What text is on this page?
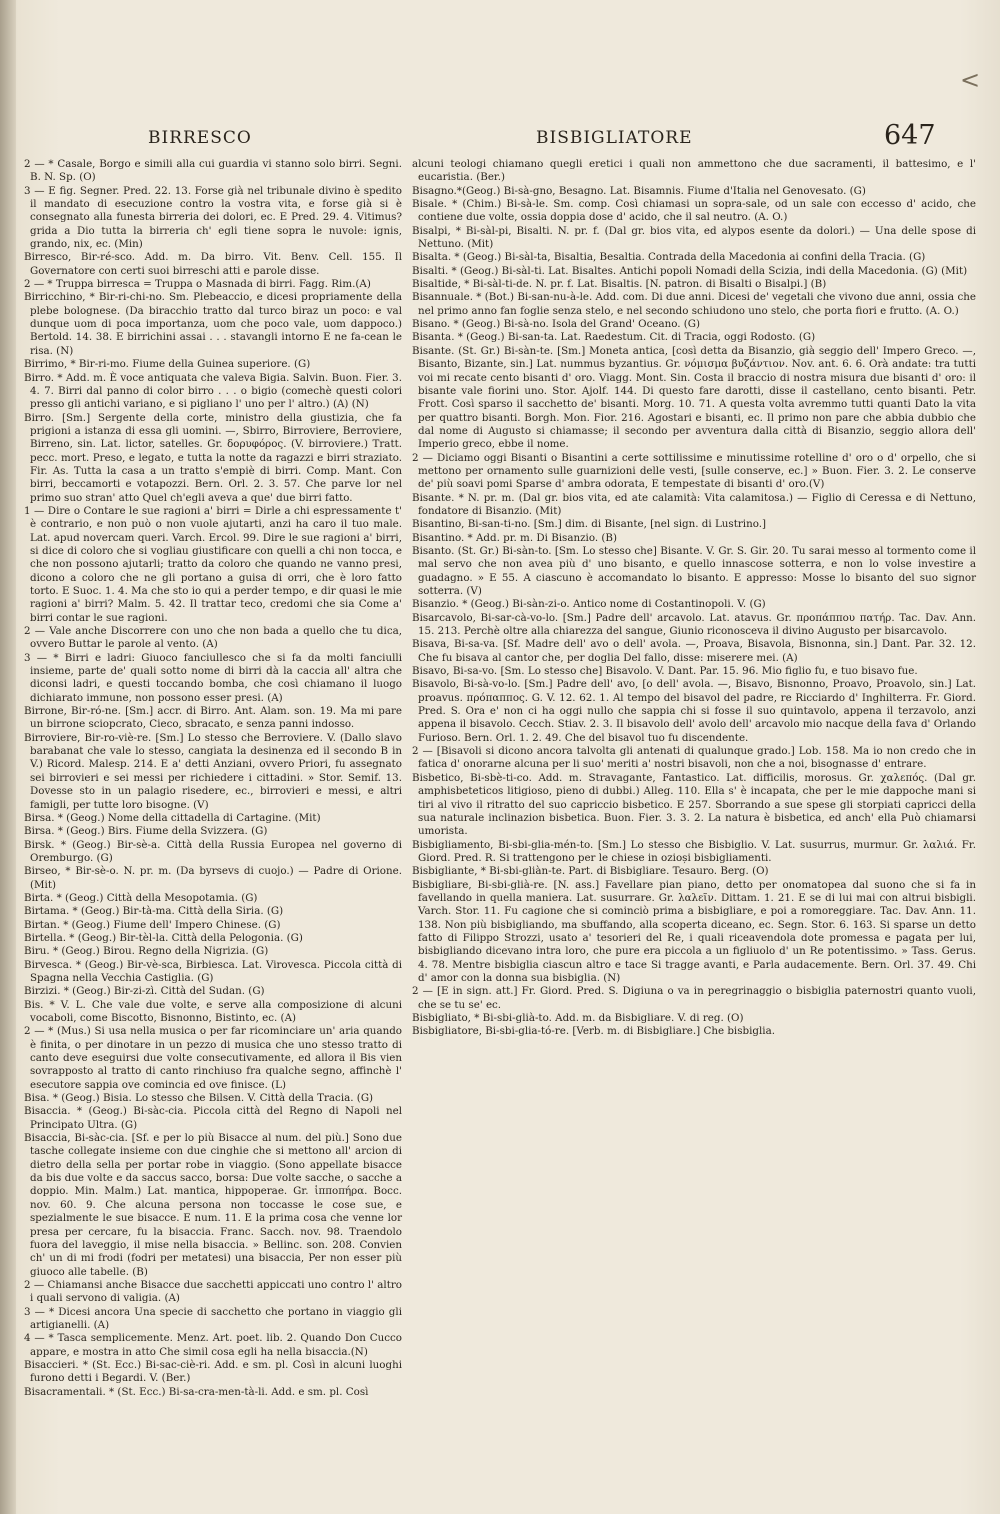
<
BIRRESCO	BISBIGLIATORE	647

2 — * Casale, Borgo e simili alla cui guardia vi stanno solo birri. Segni. B. N. Sp. (O)

3 — E fig. Segner. Pred. 22. 13. Forse già nel tribunale divino è spedito il mandato di esecuzione contro la vostra vita, e forse già si è consegnato alla funesta birreria dei dolori, ec. E Pred. 29. 4. Vitimus? grida a Dio tutta la birreria ch' egli tiene sopra le nuvole: ignis, grando, nix, ec. (Min)

Birresco, Bir-ré-sco. Add. m. Da birro. Vit. Benv. Cell. 155. Il Governatore con certi suoi birreschi atti e parole disse.

2 — * Truppa birresca = Truppa o Masnada di birri. Fagg. Rim.(A)

Birricchino, * Bir-ri-chi-no. Sm. Plebeaccio, e dicesi propriamente della plebe bolognese. (Da biracchio tratto dal turco biraz un poco: e val dunque uom di poca importanza, uom che poco vale, uom dappoco.) Bertold. 14. 38. E birrichini assai . . . stavangli intorno E ne fa-cean le risa. (N)

Birrimo, * Bir-ri-mo. Fiume della Guinea superiore. (G)

Birro. * Add. m. È voce antiquata che valeva Bigia. Salvin. Buon. Fier. 3. 4. 7. Birri dal panno di color birro . . . o bigio (comechè questi colori presso gli antichi variano, e si pigliano l' uno per l' altro.) (A) (N)

Birro. [Sm.] Sergente della corte, ministro della giustizia, che fa prigioni a istanza di essa gli uomini. —, Sbirro, Birroviere, Berroviere, Birreno, sin. Lat. lictor, satelles. Gr. δορυφόρος. (V. birroviere.) Tratt. pecc. mort. Preso, e legato, e tutta la notte da ragazzi e birri straziato. Fir. As. Tutta la casa a un tratto s'empiè di birri. Comp. Mant. Con birri, beccamorti e votapozzi. Bern. Orl. 2. 3. 57. Che parve lor nel primo suo stran' atto Quel ch'egli aveva a que' due birri fatto.

1 — Dire o Contare le sue ragioni a' birri = Dirle a chi espressamente t' è contrario, e non può o non vuole ajutarti, anzi ha caro il tuo male. Lat. apud novercam queri. Varch. Ercol. 99. Dire le sue ragioni a' birri, si dice di coloro che si vogliau giustificare con quelli a chi non tocca, e che non possono ajutarli; tratto da coloro che quando ne vanno presi, dicono a coloro che ne gli portano a guisa di orri, che è loro fatto torto. E Suoc. 1. 4. Ma che sto io qui a perder tempo, e dir quasi le mie ragioni a' birri? Malm. 5. 42. Il trattar teco, credomi che sia Come a' birri contar le sue ragioni.

2 — Vale anche Discorrere con uno che non bada a quello che tu dica, ovvero Buttar le parole al vento. (A)

3 — * Birri e ladri: Giuoco fanciullesco che si fa da molti fanciulli insieme, parte de' quali sotto nome di birri dà la caccia all' altra che diconsi ladri, e questi toccando bomba, che così chiamano il luogo dichiarato immune, non possono esser presi. (A)

Birrone, Bir-ró-ne. [Sm.] accr. di Birro. Ant. Alam. son. 19. Ma mi pare un birrone sciopcrato, Cieco, sbracato, e senza panni indosso.

Birroviere, Bir-ro-viè-re. [Sm.] Lo stesso che Berroviere. V. (Dallo slavo barabanat che vale lo stesso, cangiata la desinenza ed il secondo B in V.) Ricord. Malesp. 214. E a' detti Anziani, ovvero Priori, fu assegnato sei birrovieri e sei messi per richiedere i cittadini. » Stor. Semif. 13. Dovesse sto in un palagio risedere, ec., birrovieri e messi, e altri famigli, per tutte loro bisogne. (V)

Birsa. * (Geog.) Nome della cittadella di Cartagine. (Mit)

Birsa. * (Geog.) Birs. Fiume della Svizzera. (G)

Birsk. * (Geog.) Bir-sè-a. Città della Russia Europea nel governo di Oremburgo. (G)

Birseo, * Bir-sè-o. N. pr. m. (Da byrsevs di cuojo.) — Padre di Orione. (Mit)

Birta. * (Geog.) Città della Mesopotamia. (G)

Birtama. * (Geog.) Bir-tà-ma. Città della Siria. (G)

Birtan. * (Geog.) Fiume dell' Impero Chinese. (G)

Birtella. * (Geog.) Bir-tèl-la. Città della Pelogonia. (G)

Biru. * (Geog.) Birou. Regno della Nigrizia. (G)

Birvesca. * (Geog.) Bir-vè-sca, Birbiesca. Lat. Virovesca. Piccola città di Spagna nella Vecchia Castiglia. (G)

Birzizi. * (Geog.) Bir-zi-zì. Città del Sudan. (G)

Bis. * V. L. Che vale due volte, e serve alla composizione di alcuni vocaboli, come Biscotto, Bisnonno, Bistinto, ec. (A)

2 — * (Mus.) Si usa nella musica o per far ricominciare un' aria quando è finita, o per dinotare in un pezzo di musica che uno stesso tratto di canto deve eseguirsi due volte consecutivamente, ed allora il Bis vien sovrapposto al tratto di canto rinchiuso fra qualche segno, affinchè l' esecutore sappia ove comincia ed ove finisce. (L)

Bisa. * (Geog.) Bisia. Lo stesso che Bilsen. V. Città della Tracia. (G)

Bisaccia. * (Geog.) Bi-sàc-cia. Piccola città del Regno di Napoli nel Principato Ultra. (G)

Bisaccia, Bi-sàc-cia. [Sf. e per lo più Bisacce al num. del più.] Sono due tasche collegate insieme con due cinghie che si mettono all' arcion di dietro della sella per portar robe in viaggio. (Sono appellate bisacce da bis due volte e da saccus sacco, borsa: Due volte sacche, o sacche a doppio. Min. Malm.) Lat. mantica, hippoperae. Gr. ἱπποπήρα. Bocc. nov. 60. 9. Che alcuna persona non toccasse le cose sue, e spezialmente le sue bisacce. E num. 11. E la prima cosa che venne lor presa per cercare, fu la bisaccia. Franc. Sacch. nov. 98. Traendolo fuora del laveggio, il mise nella bisaccia. » Bellinc. son. 208. Convien ch' un di mi frodi (fodri per metatesi) una bisaccia, Per non esser più giuoco alle tabelle. (B)

2 — Chiamansi anche Bisacce due sacchetti appiccati uno contro l' altro i quali servono di valigia. (A)

3 — * Dicesi ancora Una specie di sacchetto che portano in viaggio gli artigianelli. (A)

4 — * Tasca semplicemente. Menz. Art. poet. lib. 2. Quando Don Cucco appare, e mostra in atto Che simil cosa egli ha nella bisaccia.(N)

Bisaccieri. * (St. Ecc.) Bi-sac-ciè-ri. Add. e sm. pl. Così in alcuni luoghi furono detti i Begardi. V. (Ber.)

Bisacramentali. * (St. Ecc.) Bi-sa-cra-men-tà-li. Add. e sm. pl. Così

alcuni teologi chiamano quegli eretici i quali non ammettono che due sacramenti, il battesimo, e l' eucaristia. (Ber.)

Bisagno.*(Geog.) Bi-sà-gno, Besagno. Lat. Bisamnis. Fiume d'Italia nel Genovesato. (G)

Bisale. * (Chim.) Bi-sà-le. Sm. comp. Così chiamasi un sopra-sale, od un sale con eccesso d' acido, che contiene due volte, ossia doppia dose d' acido, che il sal neutro. (A. O.)

Bisalpi, * Bi-sàl-pi, Bisalti. N. pr. f. (Dal gr. bios vita, ed alypos esente da dolori.) — Una delle spose di Nettuno. (Mit)

Bisalta. * (Geog.) Bi-sàl-ta, Bisaltia, Besaltia. Contrada della Macedonia ai confini della Tracia. (G)

Bisalti. * (Geog.) Bi-sàl-ti. Lat. Bisaltes. Antichi popoli Nomadi della Scizia, indi della Macedonia. (G) (Mit)

Bisaltide, * Bi-sàl-ti-de. N. pr. f. Lat. Bisaltis. [N. patron. di Bisalti o Bisalpi.] (B)

Bisannuale. * (Bot.) Bi-san-nu-à-le. Add. com. Di due anni. Dicesi de' vegetali che vivono due anni, ossia che nel primo anno fan foglie senza stelo, e nel secondo schiudono uno stelo, che porta fiori e frutto. (A. O.)

Bisano. * (Geog.) Bi-sà-no. Isola del Grand' Oceano. (G)

Bisanta. * (Geog.) Bi-san-ta. Lat. Raedestum. Cit. di Tracia, oggi Rodosto. (G)

Bisante. (St. Gr.) Bi-sàn-te. [Sm.] Moneta antica, [così detta da Bisanzio, già seggio dell' Impero Greco. —, Bisanto, Bizante, sin.] Lat. nummus byzantius. Gr. νόμισμα βυζάντιον. Nov. ant. 6. 6. Orà andate: tra tutti voi mi recate cento bisanti d' oro. Viagg. Mont. Sin. Costa il braccio di nostra misura due bisanti d' oro: il bisante vale fiorini uno. Stor. Ajolf. 144. Di questo fare darotti, disse il castellano, cento bisanti. Petr. Frott. Così sparso il sacchetto de' bisanti. Morg. 10. 71. A questa volta avremmo tutti quanti Dato la vita per quattro bisanti. Borgh. Mon. Fior. 216. Agostari e bisanti, ec. Il primo non pare che abbia dubbio che dal nome di Augusto si chiamasse; il secondo per avventura dalla città di Bisanzio, seggio allora dell' Imperio greco, ebbe il nome.

2 — Diciamo oggi Bisanti o Bisantini a certe sottilissime e minutissime rotelline d' oro o d' orpello, che si mettono per ornamento sulle guarnizioni delle vesti, [sulle conserve, ec.] » Buon. Fier. 3. 2. Le conserve de' più soavi pomi Sparse d' ambra odorata, E tempestate di bisanti d' oro.(V)

Bisante. * N. pr. m. (Dal gr. bios vita, ed ate calamità: Vita calamitosa.) — Figlio di Ceressa e di Nettuno, fondatore di Bisanzio. (Mit)

Bisantino, Bi-san-ti-no. [Sm.] dim. di Bisante, [nel sign. di Lustrino.]

Bisantino. * Add. pr. m. Di Bisanzio. (B)

Bisanto. (St. Gr.) Bi-sàn-to. [Sm. Lo stesso che] Bisante. V. Gr. S. Gir. 20. Tu sarai messo al tormento come il mal servo che non avea più d' uno bisanto, e quello innascose sotterra, e non lo volse investire a guadagno. » E 55. A ciascuno è accomandato lo bisanto. E appresso: Mosse lo bisanto del suo signor sotterra. (V)

Bisanzio. * (Geog.) Bi-sàn-zi-o. Antico nome di Costantinopoli. V. (G)

Bisarcavolo, Bi-sar-cà-vo-lo. [Sm.] Padre dell' arcavolo. Lat. atavus. Gr. προπάππου πατήρ. Tac. Dav. Ann. 15. 213. Perchè oltre alla chiarezza del sangue, Giunio riconosceva il divino Augusto per bisarcavolo.

Bisava, Bi-sa-va. [Sf. Madre dell' avo o dell' avola. —, Proava, Bisavola, Bisnonna, sin.] Dant. Par. 32. 12. Che fu bisava al cantor che, per doglia Del fallo, disse: miserere mei. (A)

Bisavo, Bi-sa-vo. [Sm. Lo stesso che] Bisavolo. V. Dant. Par. 15. 96. Mio figlio fu, e tuo bisavo fue.

Bisavolo, Bi-sà-vo-lo. [Sm.] Padre dell' avo, [o dell' avola. —, Bisavo, Bisnonno, Proavo, Proavolo, sin.] Lat. proavus. πρόπαππος. G. V. 12. 62. 1. Al tempo del bisavol del padre, re Ricciardo d' Inghilterra. Fr. Giord. Pred. S. Ora e' non ci ha oggi nullo che sappia chi si fosse il suo quintavolo, appena il terzavolo, anzi appena il bisavolo. Cecch. Stiav. 2. 3. Il bisavolo dell' avolo dell' arcavolo mio nacque della fava d' Orlando Furioso. Bern. Orl. 1. 2. 49. Che del bisavol tuo fu discendente.

2 — [Bisavoli si dicono ancora talvolta gli antenati di qualunque grado.] Lob. 158. Ma io non credo che in fatica d' onorarne alcuna per li suo' meriti a' nostri bisavoli, non che a noi, bisognasse d' entrare.

Bisbetico, Bi-sbè-ti-co. Add. m. Stravagante, Fantastico. Lat. difficilis, morosus. Gr. χαλεπός. (Dal gr. amphisbeteticos litigioso, pieno di dubbi.) Alleg. 110. Ella s' è incapata, che per le mie dappoche mani si tiri al vivo il ritratto del suo capriccio bisbetico. E 257. Sborrando a sue spese gli storpiati capricci della sua naturale inclinazion bisbetica. Buon. Fier. 3. 3. 2. La natura è bisbetica, ed anch' ella Può chiamarsi umorista.

Bisbigliamento, Bi-sbi-glia-mén-to. [Sm.] Lo stesso che Bisbiglio. V. Lat. susurrus, murmur. Gr. λαλιά. Fr. Giord. Pred. R. Si trattengono per le chiese in ozioși bisbigliamenti.

Bisbigliante, * Bi-sbi-gliàn-te. Part. di Bisbigliare. Tesauro. Berg. (O)

Bisbigliare, Bi-sbi-glià-re. [N. ass.] Favellare pian piano, detto per onomatopea dal suono che si fa in favellando in quella maniera. Lat. susurrare. Gr. λαλεῖν. Dittam. 1. 21. E se di lui mai con altrui bisbigli. Varch. Stor. 11. Fu cagione che si cominciò prima a bisbigliare, e poi a romoreggiare. Tac. Dav. Ann. 11. 138. Non più bisbigliando, ma sbuffando, alla scoperta diceano, ec. Segn. Stor. 6. 163. Si sparse un detto fatto di Filippo Strozzi, usato a' tesorieri del Re, i quali riceavendola dote promessa e pagata per lui, bisbigliando dicevano intra loro, che pure era piccola a un figliuolo d' un Re potentissimo. » Tass. Gerus. 4. 78. Mentre bisbiglia ciascun altro e tace Si tragge avanti, e Parla audacemente. Bern. Orl. 37. 49. Chi d' amor con la donna sua bisbiglia. (N)

2 — [E in sign. att.] Fr. Giord. Pred. S. Digiuna o va in peregrinaggio o bisbiglia paternostri quanto vuoli, che se tu se' ec.

Bisbigliato, * Bi-sbi-glià-to. Add. m. da Bisbigliare. V. di reg. (O)

Bisbigliatore, Bi-sbi-glia-tó-re. [Verb. m. di Bisbigliare.] Che bisbiglia.
